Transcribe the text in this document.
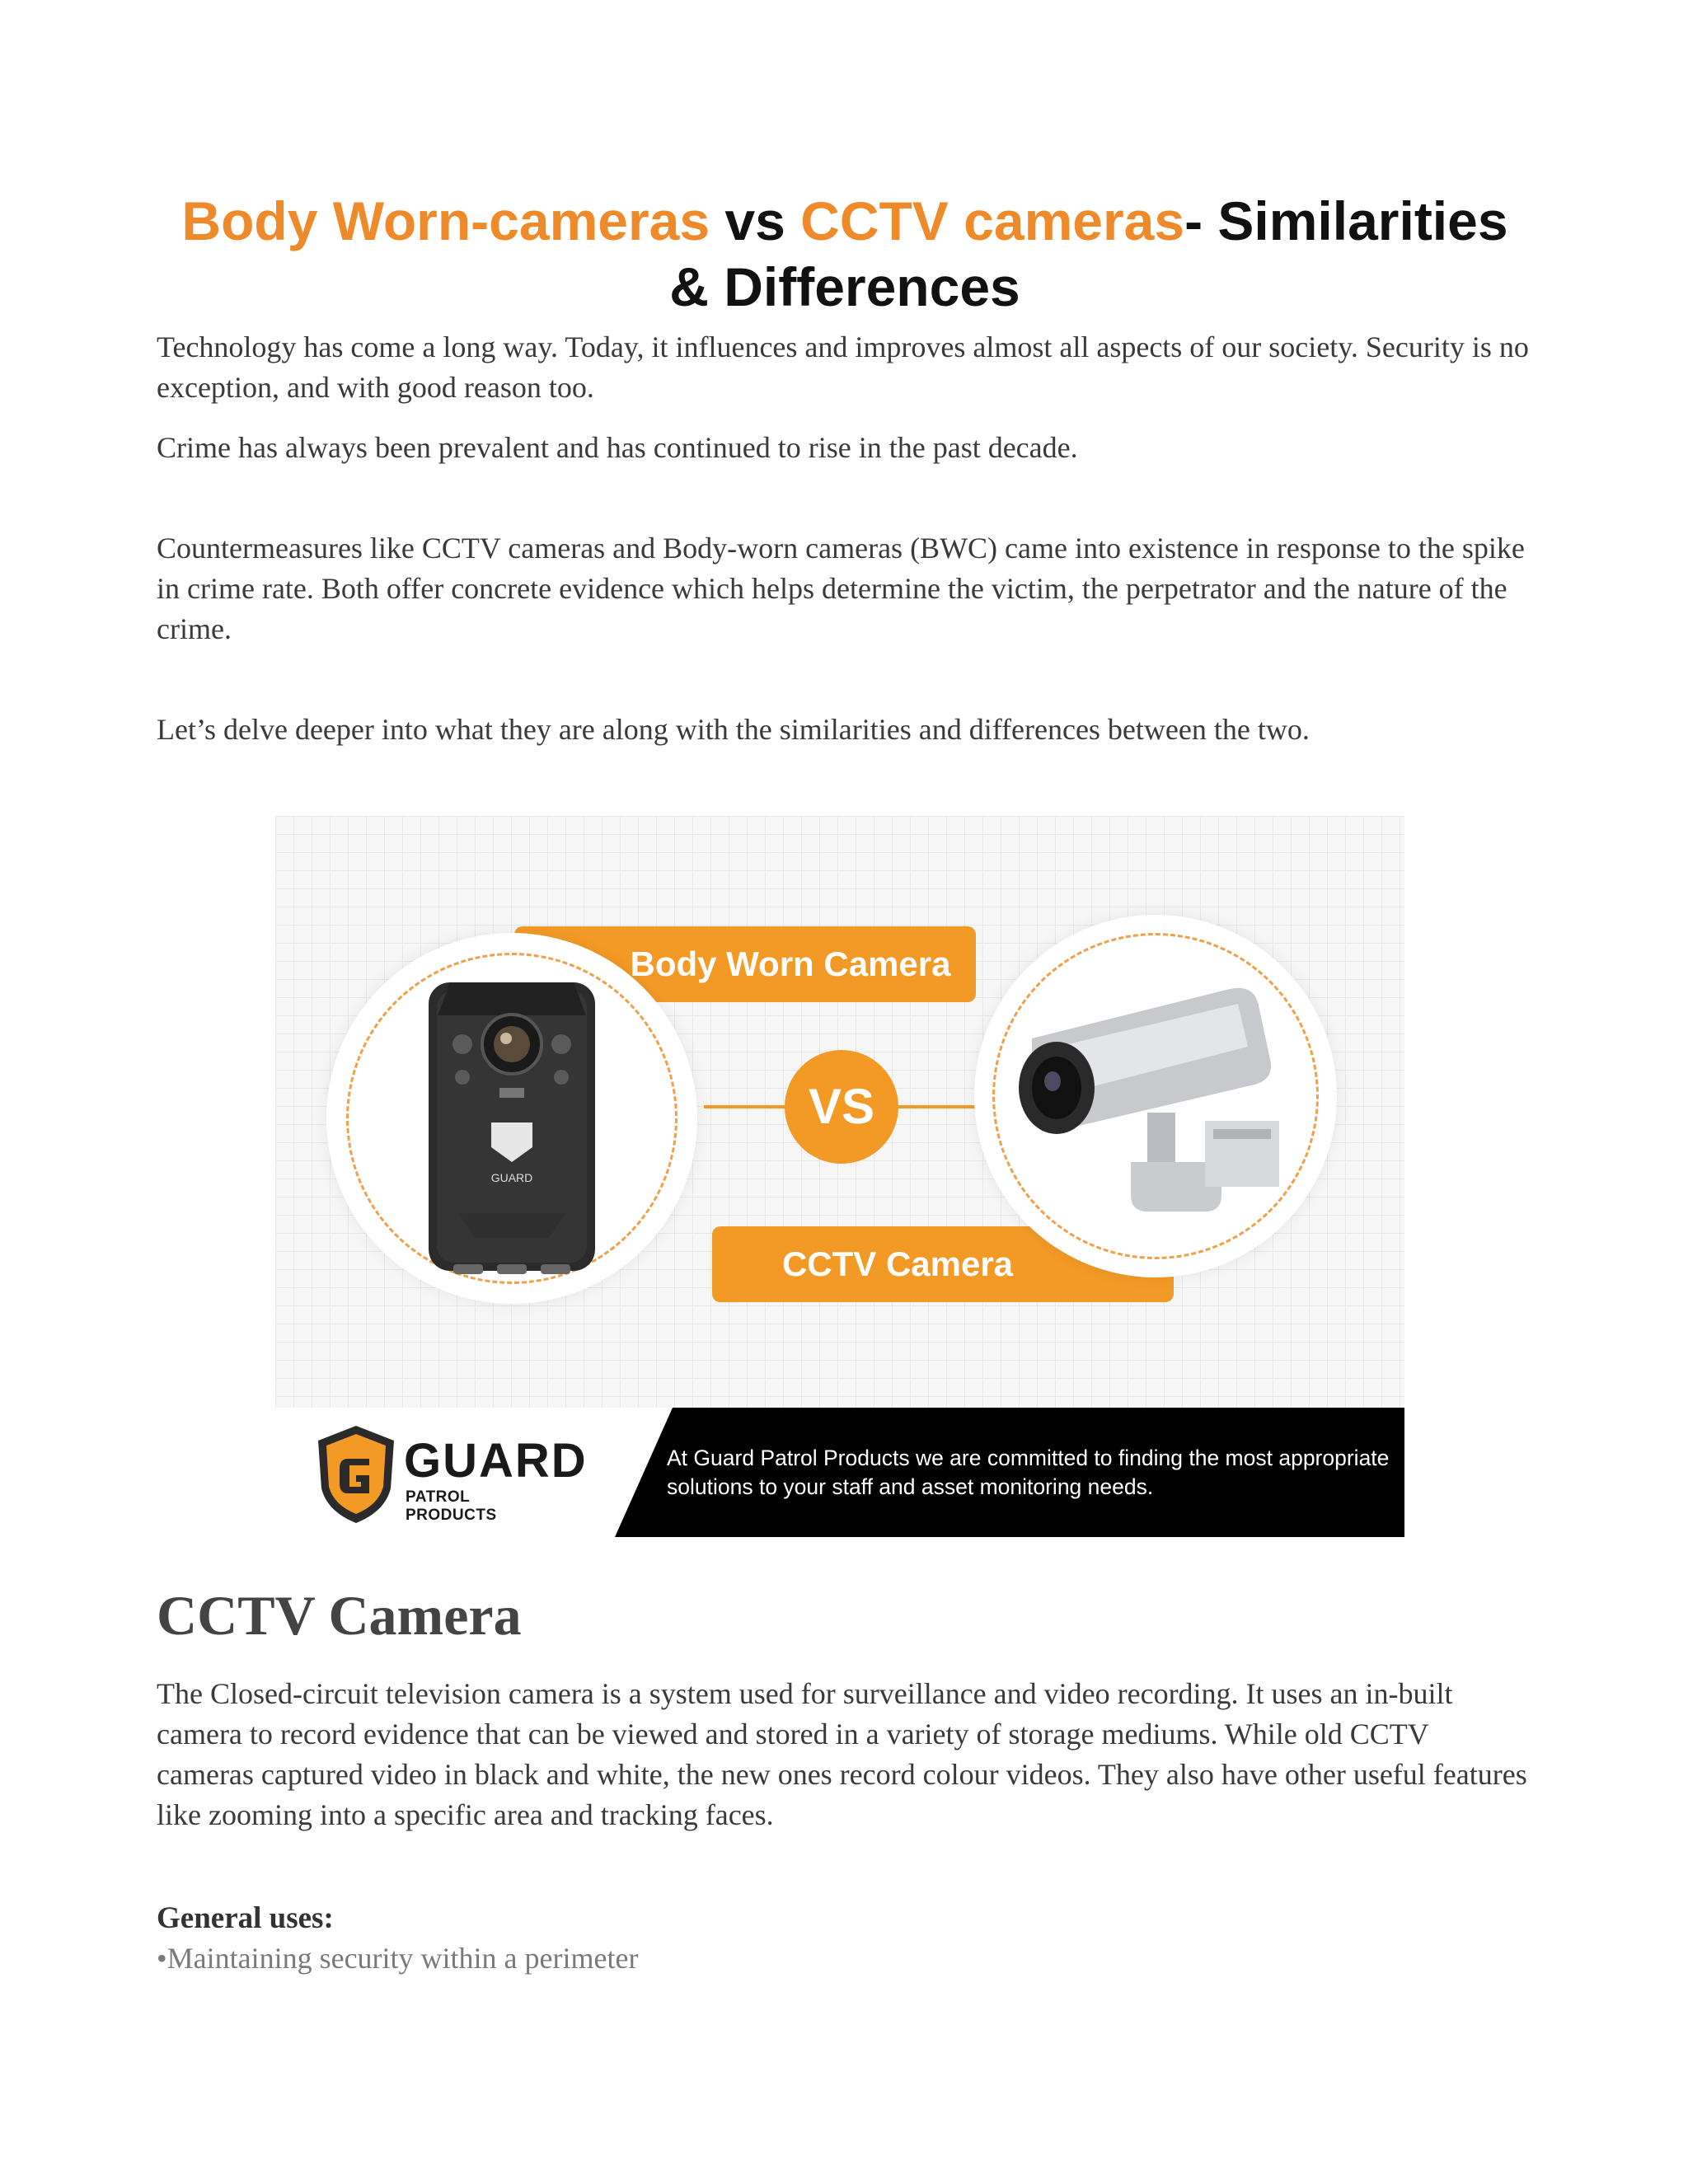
Body Worn-cameras vs CCTV cameras- Similarities & Differences

Technology has come a long way. Today, it influences and improves almost all aspects of our society. Security is no exception, and with good reason too.

Crime has always been prevalent and has continued to rise in the past decade.

Countermeasures like CCTV cameras and Body-worn cameras (BWC) came into existence in response to the spike in crime rate. Both offer concrete evidence which helps determine the victim, the perpetrator and the nature of the crime.

Let’s delve deeper into what they are along with the similarities and differences between the two.

Body Worn Camera
CCTV Camera
GUARD
VS
GUARD
PATROL PRODUCTS
At Guard Patrol Products we are committed to finding the most appropriate solutions to your staff and asset monitoring needs.
CCTV Camera

The Closed-circuit television camera is a system used for surveillance and video recording. It uses an in-built camera to record evidence that can be viewed and stored in a variety of storage mediums. While old CCTV cameras captured video in black and white, the new ones record colour videos. They also have other useful features like zooming into a specific area and tracking faces.

General uses:

•Maintaining security within a perimeter
